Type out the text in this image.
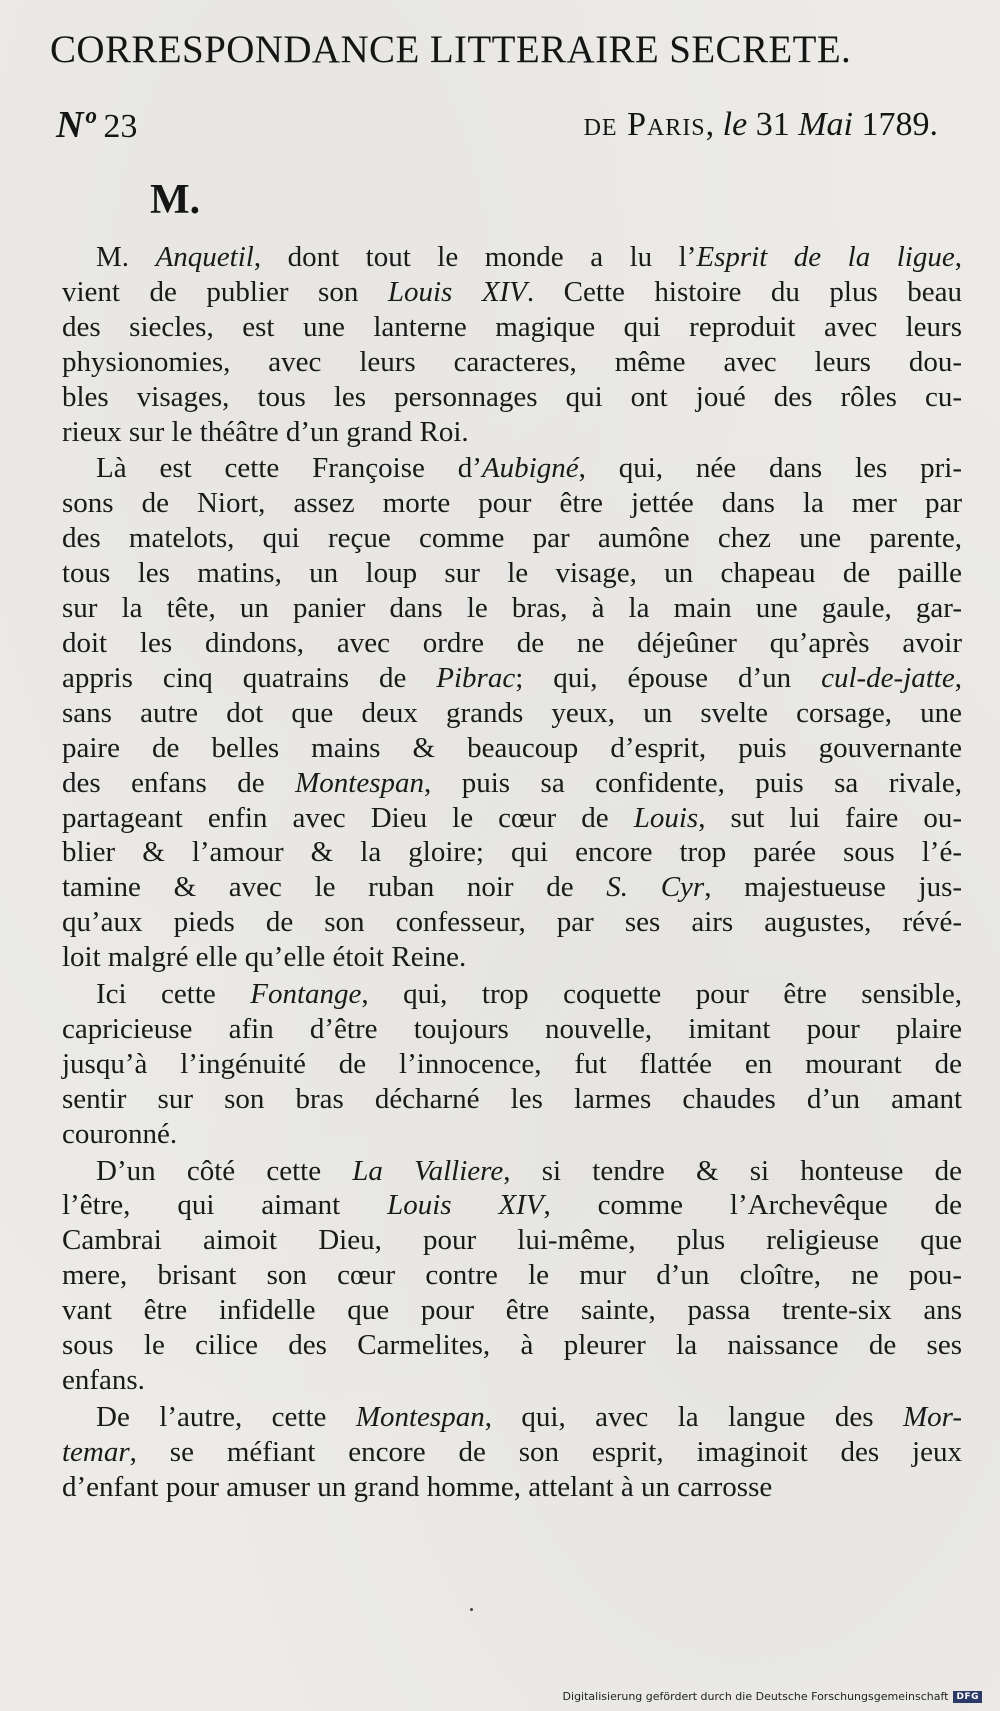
CORRESPONDANCE LITTERAIRE SECRETE.
Nº 23	de Paris, le 31 Mai 1789.
M.

M. Anquetil, dont tout le monde a lu l’Esprit de la ligue,
vient de publier son Louis XIV. Cette histoire du plus beau
des siecles, est une lanterne magique qui reproduit avec leurs
physionomies, avec leurs caracteres, même avec leurs dou-
bles visages, tous les personnages qui ont joué des rôles cu-
rieux sur le théâtre d’un grand Roi.

Là est cette Françoise d’Aubigné, qui, née dans les pri-
sons de Niort, assez morte pour être jettée dans la mer par
des matelots, qui reçue comme par aumône chez une parente,
tous les matins, un loup sur le visage, un chapeau de paille
sur la tête, un panier dans le bras, à la main une gaule, gar-
doit les dindons, avec ordre de ne déjeûner qu’après avoir
appris cinq quatrains de Pibrac; qui, épouse d’un cul-de-jatte,
sans autre dot que deux grands yeux, un svelte corsage, une
paire de belles mains & beaucoup d’esprit, puis gouvernante
des enfans de Montespan, puis sa confidente, puis sa rivale,
partageant enfin avec Dieu le cœur de Louis, sut lui faire ou-
blier & l’amour & la gloire; qui encore trop parée sous l’é-
tamine & avec le ruban noir de S. Cyr, majestueuse jus-
qu’aux pieds de son confesseur, par ses airs augustes, révé-
loit malgré elle qu’elle étoit Reine.

Ici cette Fontange, qui, trop coquette pour être sensible,
capricieuse afin d’être toujours nouvelle, imitant pour plaire
jusqu’à l’ingénuité de l’innocence, fut flattée en mourant de
sentir sur son bras décharné les larmes chaudes d’un amant
couronné.

D’un côté cette La Valliere, si tendre & si honteuse de
l’être, qui aimant Louis XIV, comme l’Archevêque de
Cambrai aimoit Dieu, pour lui-même, plus religieuse que
mere, brisant son cœur contre le mur d’un cloître, ne pou-
vant être infidelle que pour être sainte, passa trente-six ans
sous le cilice des Carmelites, à pleurer la naissance de ses
enfans.

De l’autre, cette Montespan, qui, avec la langue des Mor-
temar, se méfiant encore de son esprit, imaginoit des jeux
d’enfant pour amuser un grand homme, attelant à un carrosse

Digitalisierung gefördert durch die Deutsche Forschungsgemeinschaft DFG
